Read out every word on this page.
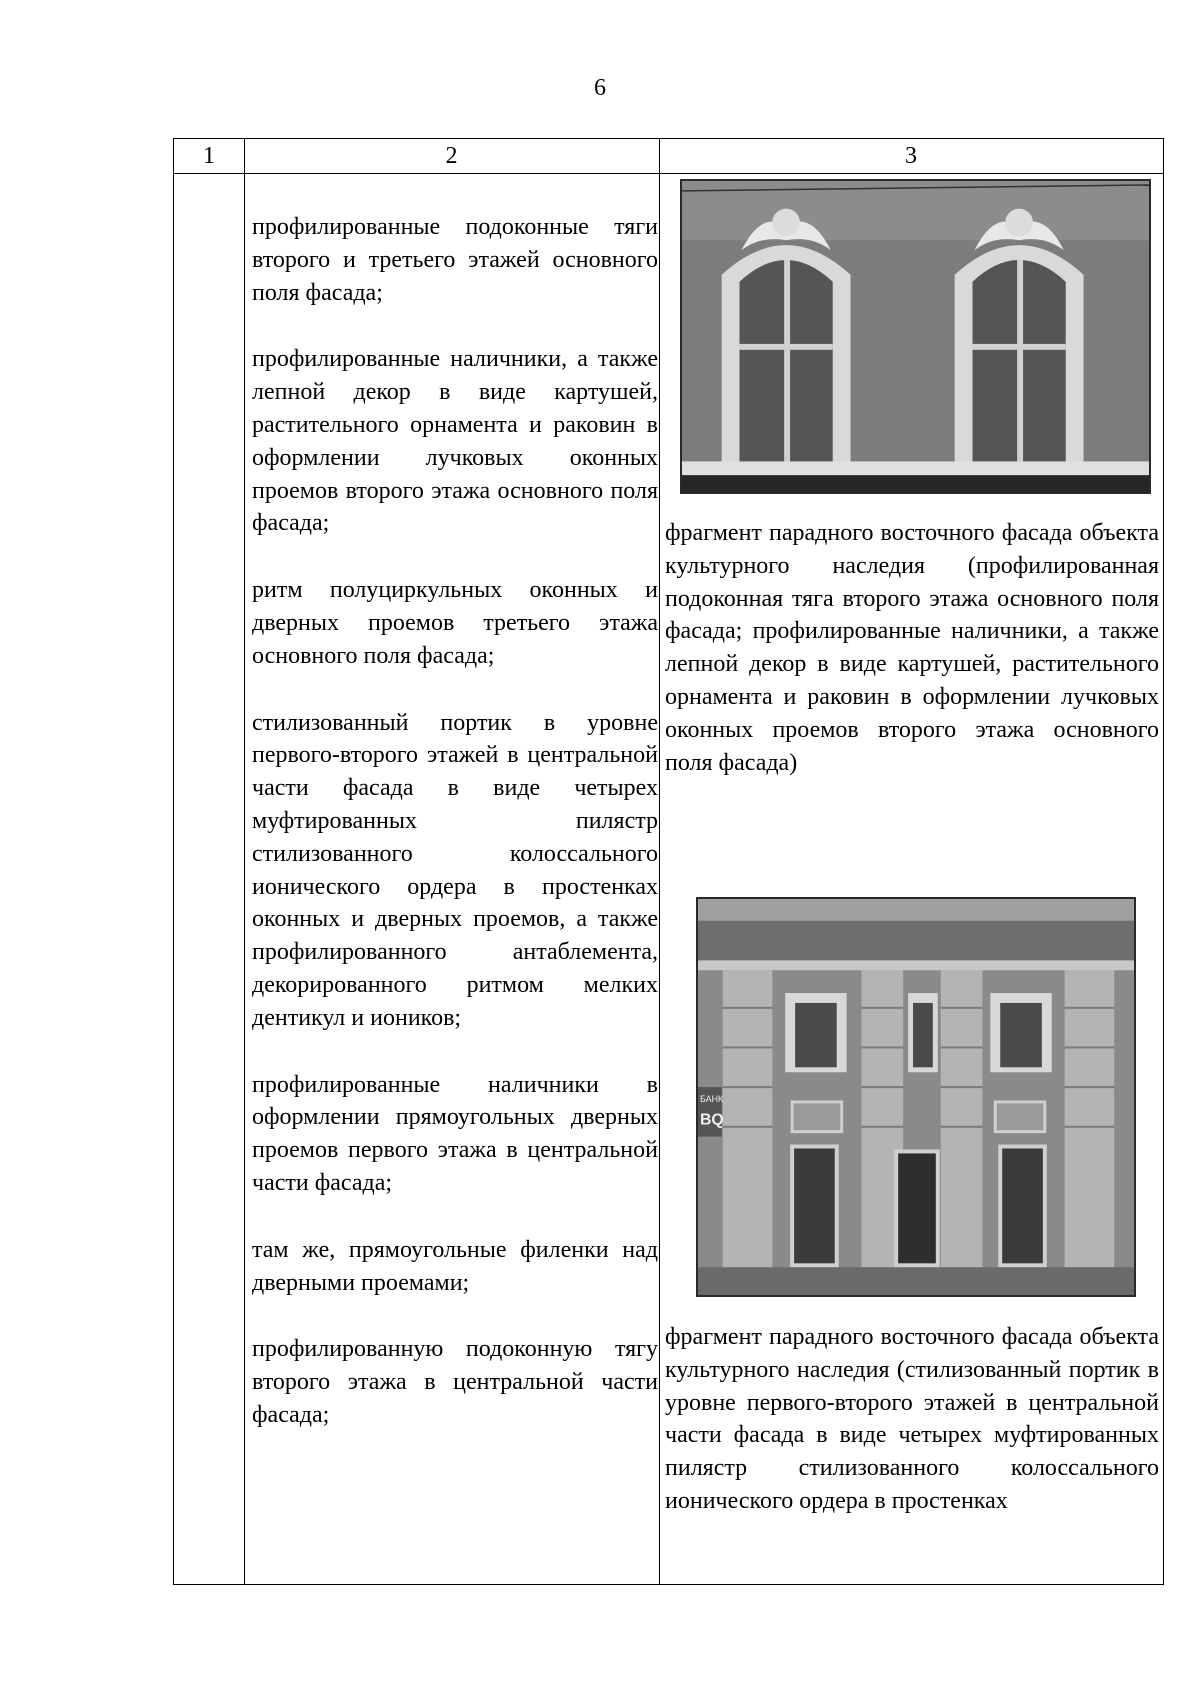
6
1	2	3
профилированные подоконные тяги второго и третьего этажей основного поля фасада;
профилированные наличники, а также лепной декор в виде картушей, растительного орнамента и раковин в оформлении лучковых оконных проемов второго этажа основного поля фасада;
ритм полуциркульных оконных и дверных проемов третьего этажа основного поля фасада;
стилизованный портик в уровне первого-второго этажей в центральной части фасада в виде четырех муфтированных пилястр стилизованного колоссального ионического ордера в простенках оконных и дверных проемов, а также профилированного антаблемента, декорированного ритмом мелких дентикул и иоников;
профилированные наличники в оформлении прямоугольных дверных проемов первого этажа в центральной части фасада;
там же, прямоугольные филенки над дверными проемами;
профилированную подоконную тягу второго этажа в центральной части фасада;
фрагмент парадного восточного фасада объекта культурного наследия (профилированная подоконная тяга второго этажа основного поля фасада; профилированные наличники, а также лепной декор в виде картушей, растительного орнамента и раковин в оформлении лучковых оконных проемов второго этажа основного поля фасада)
БАНК
BQ
фрагмент парадного восточного фасада объекта культурного наследия (стилизованный портик в уровне первого-второго этажей в центральной части фасада в виде четырех муфтированных пилястр стилизованного колоссального ионического ордера в простенках
